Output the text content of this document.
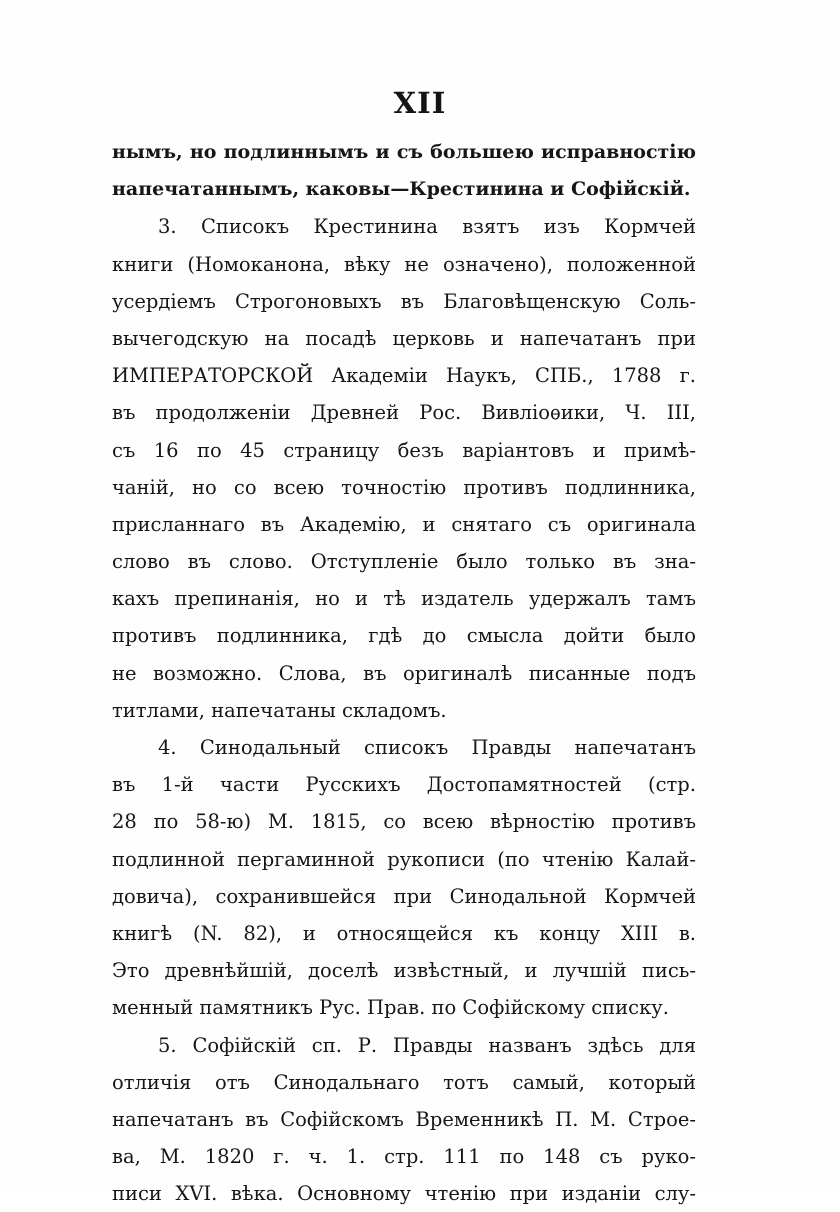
XII
нымъ, но подлиннымъ и съ большею исправностію
напечатаннымъ, каковы—Крестинина и Софійскій.
3. Списокъ Крестинина взятъ изъ Кормчей
книги (Номоканона, вѣку не означено), положенной
усердіемъ Строгоновыхъ въ Благовѣщенскую Соль-
вычегодскую на посадѣ церковь и напечатанъ при
ИМПЕРАТОРСКОЙ Академіи Наукъ, СПБ., 1788 г.
въ продолженіи Древней Рос. Вивліоѳики, Ч. III,
съ 16 по 45 страницу безъ варіантовъ и примѣ-
чаній, но со всею точностію противъ подлинника,
присланнаго въ Академію, и снятаго съ оригинала
слово въ слово. Отступленіе было только въ зна-
кахъ препинанія, но и тѣ издатель удержалъ тамъ
противъ подлинника, гдѣ до смысла дойти было
не возможно. Слова, въ оригиналѣ писанные подъ
титлами, напечатаны складомъ.
4. Синодальный списокъ Правды напечатанъ
въ 1-й части Русскихъ Достопамятностей (стр.
28 по 58-ю) М. 1815, со всею вѣрностію противъ
подлинной пергаминной рукописи (по чтенію Калай-
довича), сохранившейся при Синодальной Кормчей
книгѣ (N. 82), и относящейся къ концу XIII в.
Это древнѣйшій, доселѣ извѣстный, и лучшій пись-
менный памятникъ Рус. Прав. по Софійскому списку.
5. Софійскій сп. Р. Правды названъ здѣсь для
отличія отъ Синодальнаго тотъ самый, который
напечатанъ въ Софійскомъ Временникѣ П. М. Строе-
ва, М. 1820 г. ч. 1. стр. 111 по 148 съ руко-
писи XVI. вѣка. Основному чтенію при изданіи слу-
